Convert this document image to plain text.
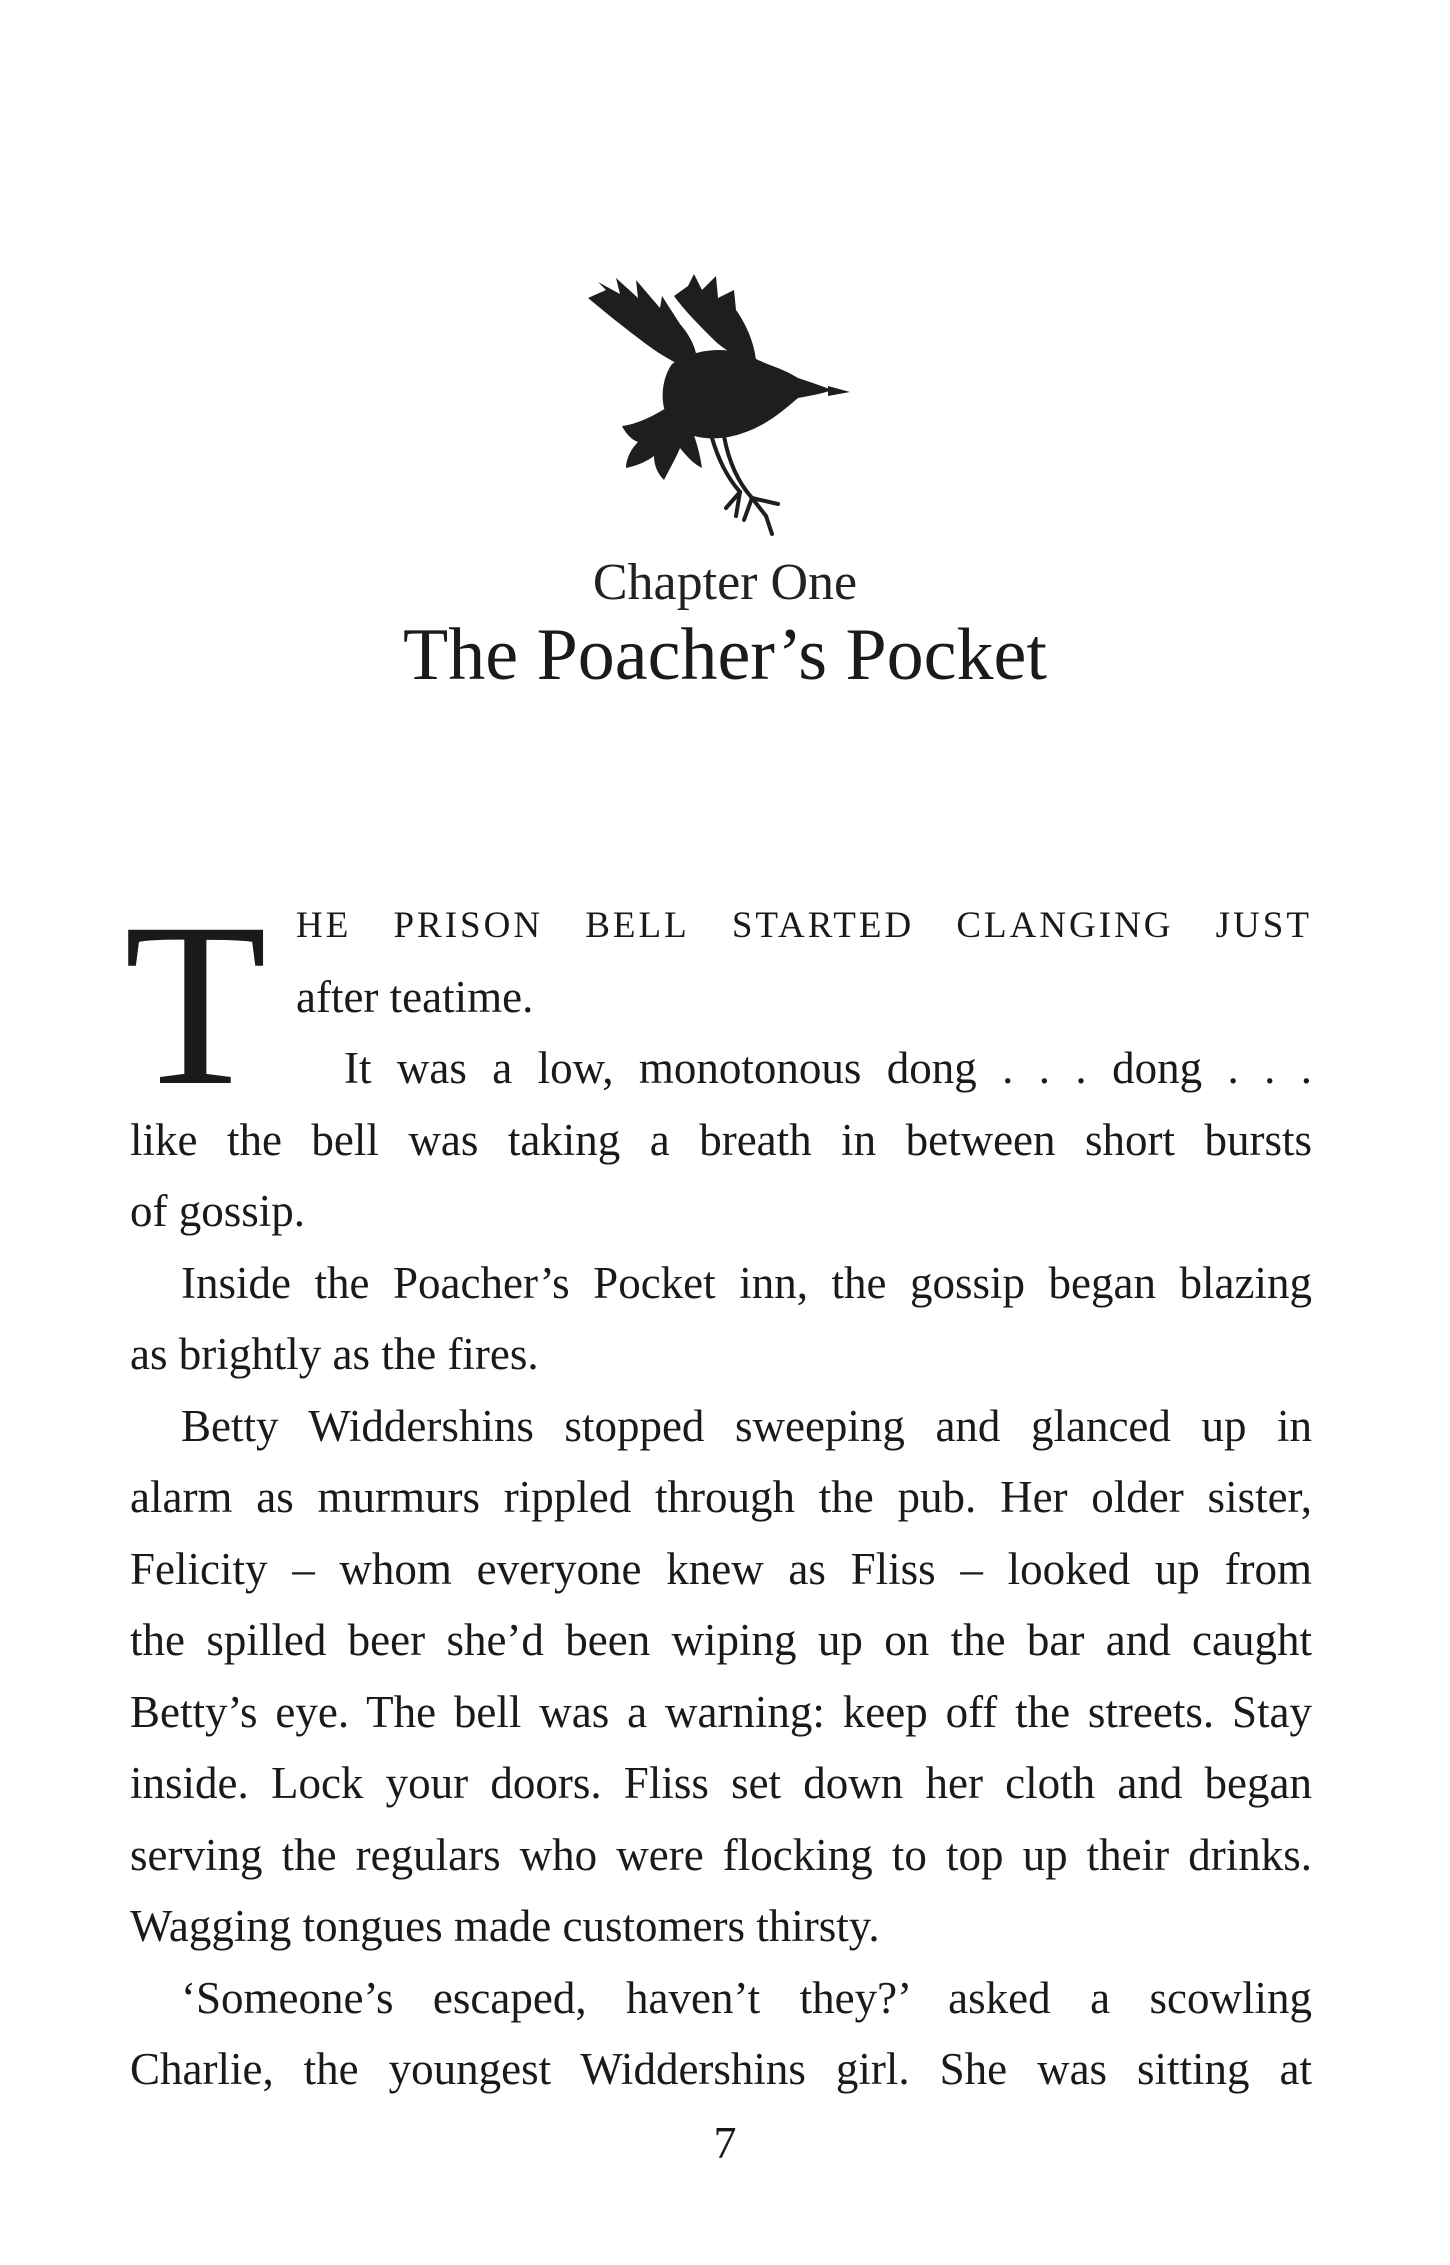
Chapter One
The Poacher’s Pocket
T HE PRISON BELL STARTED CLANGING JUST
after teatime.

It was a low, monotonous dong . . . dong . . .
like the bell was taking a breath in between short bursts
of gossip.

Inside the Poacher’s Pocket inn, the gossip began blazing
as brightly as the fires.

Betty Widdershins stopped sweeping and glanced up in
alarm as murmurs rippled through the pub. Her older sister,
Felicity – whom everyone knew as Fliss – looked up from
the spilled beer she’d been wiping up on the bar and caught
Betty’s eye. The bell was a warning: keep off the streets. Stay
inside. Lock your doors. Fliss set down her cloth and began
serving the regulars who were flocking to top up their drinks.
Wagging tongues made customers thirsty.

‘Someone’s escaped, haven’t they?’ asked a scowling
Charlie, the youngest Widdershins girl. She was sitting at

7
